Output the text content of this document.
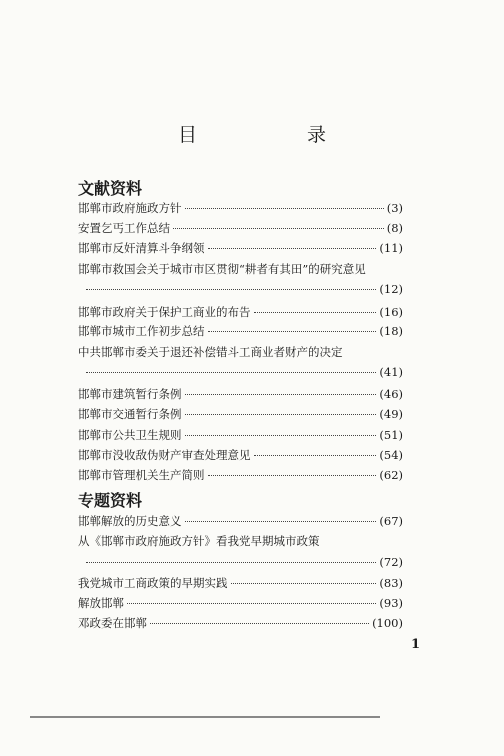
目 录
文献资料
邯郸市政府施政方针	(3)
安置乞丐工作总结	(8)
邯郸市反奸清算斗争纲领	(11)
邯郸市救国会关于城市市区贯彻“耕者有其田”的研究意见
(12)
邯郸市政府关于保护工商业的布告	(16)
邯郸市城市工作初步总结	(18)
中共邯郸市委关于退还补偿错斗工商业者财产的决定
(41)
邯郸市建筑暂行条例	(46)
邯郸市交通暂行条例	(49)
邯郸市公共卫生规则	(51)
邯郸市没收敌伪财产审查处理意见	(54)
邯郸市管理机关生产简则	(62)
专题资料
邯郸解放的历史意义	(67)
从《邯郸市政府施政方针》看我党早期城市政策
(72)
我党城市工商政策的早期实践	(83)
解放邯郸	(93)
邓政委在邯郸	(100)
1
